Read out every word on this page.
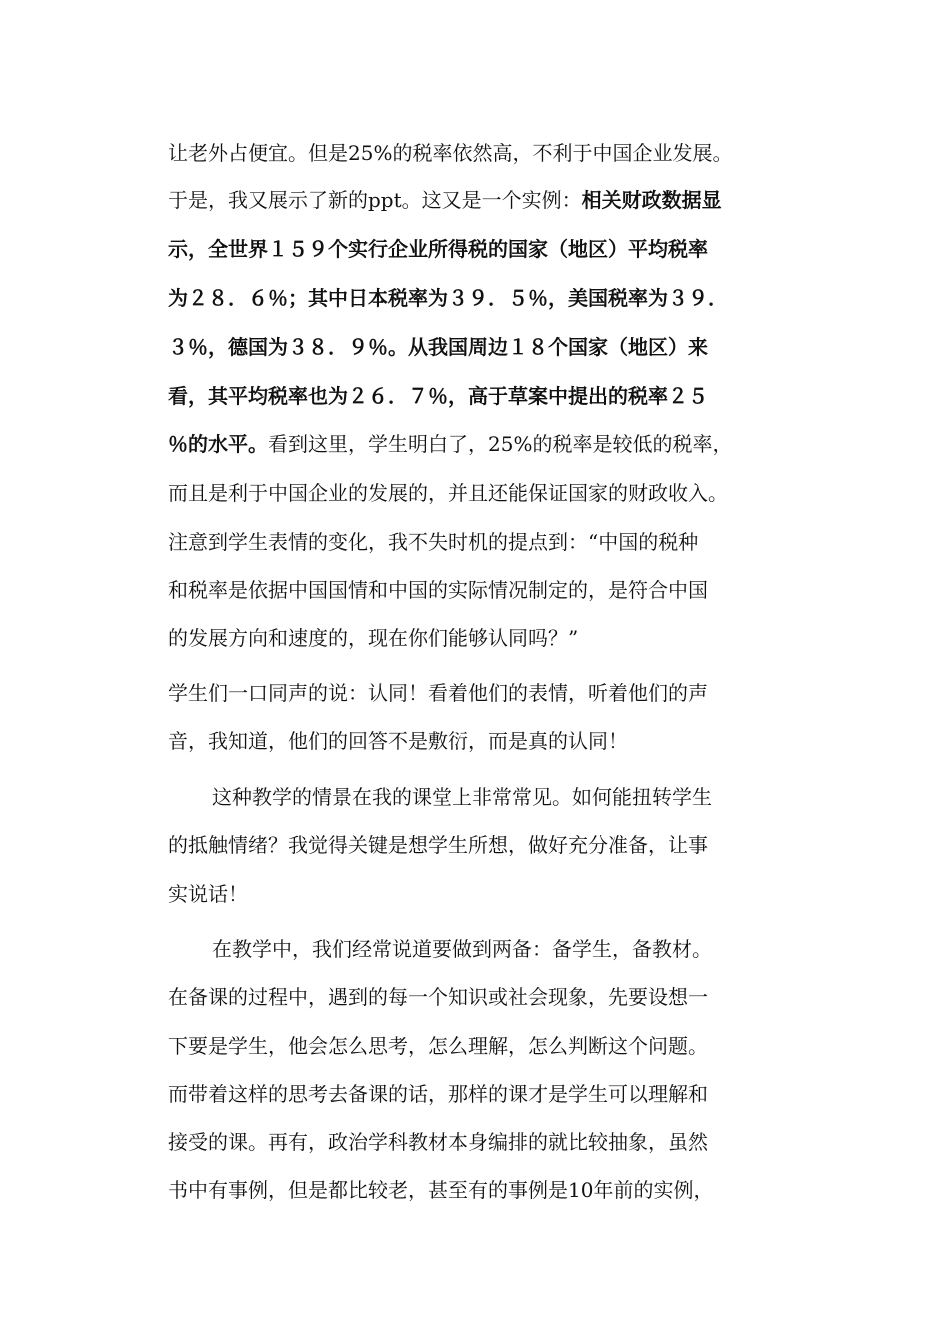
让老外占便宜。但是25%的税率依然高，不利于中国企业发展。
于是，我又展示了新的ppt。这又是一个实例：相关财政数据显
示，全世界１５９个实行企业所得税的国家（地区）平均税率
为２８．６％；其中日本税率为３９．５％，美国税率为３９．
３％，德国为３８．９％。从我国周边１８个国家（地区）来
看，其平均税率也为２６．７％，高于草案中提出的税率２５
％的水平。看到这里，学生明白了，25%的税率是较低的税率，
而且是利于中国企业的发展的，并且还能保证国家的财政收入。
注意到学生表情的变化，我不失时机的提点到：“中国的税种
和税率是依据中国国情和中国的实际情况制定的，是符合中国
的发展方向和速度的，现在你们能够认同吗？”
学生们一口同声的说：认同！看着他们的表情，听着他们的声
音，我知道，他们的回答不是敷衍，而是真的认同！
这种教学的情景在我的课堂上非常常见。如何能扭转学生
的抵触情绪？我觉得关键是想学生所想，做好充分准备，让事
实说话！
在教学中，我们经常说道要做到两备：备学生，备教材。
在备课的过程中，遇到的每一个知识或社会现象，先要设想一
下要是学生，他会怎么思考，怎么理解，怎么判断这个问题。
而带着这样的思考去备课的话，那样的课才是学生可以理解和
接受的课。再有，政治学科教材本身编排的就比较抽象，虽然
书中有事例，但是都比较老，甚至有的事例是10年前的实例，
